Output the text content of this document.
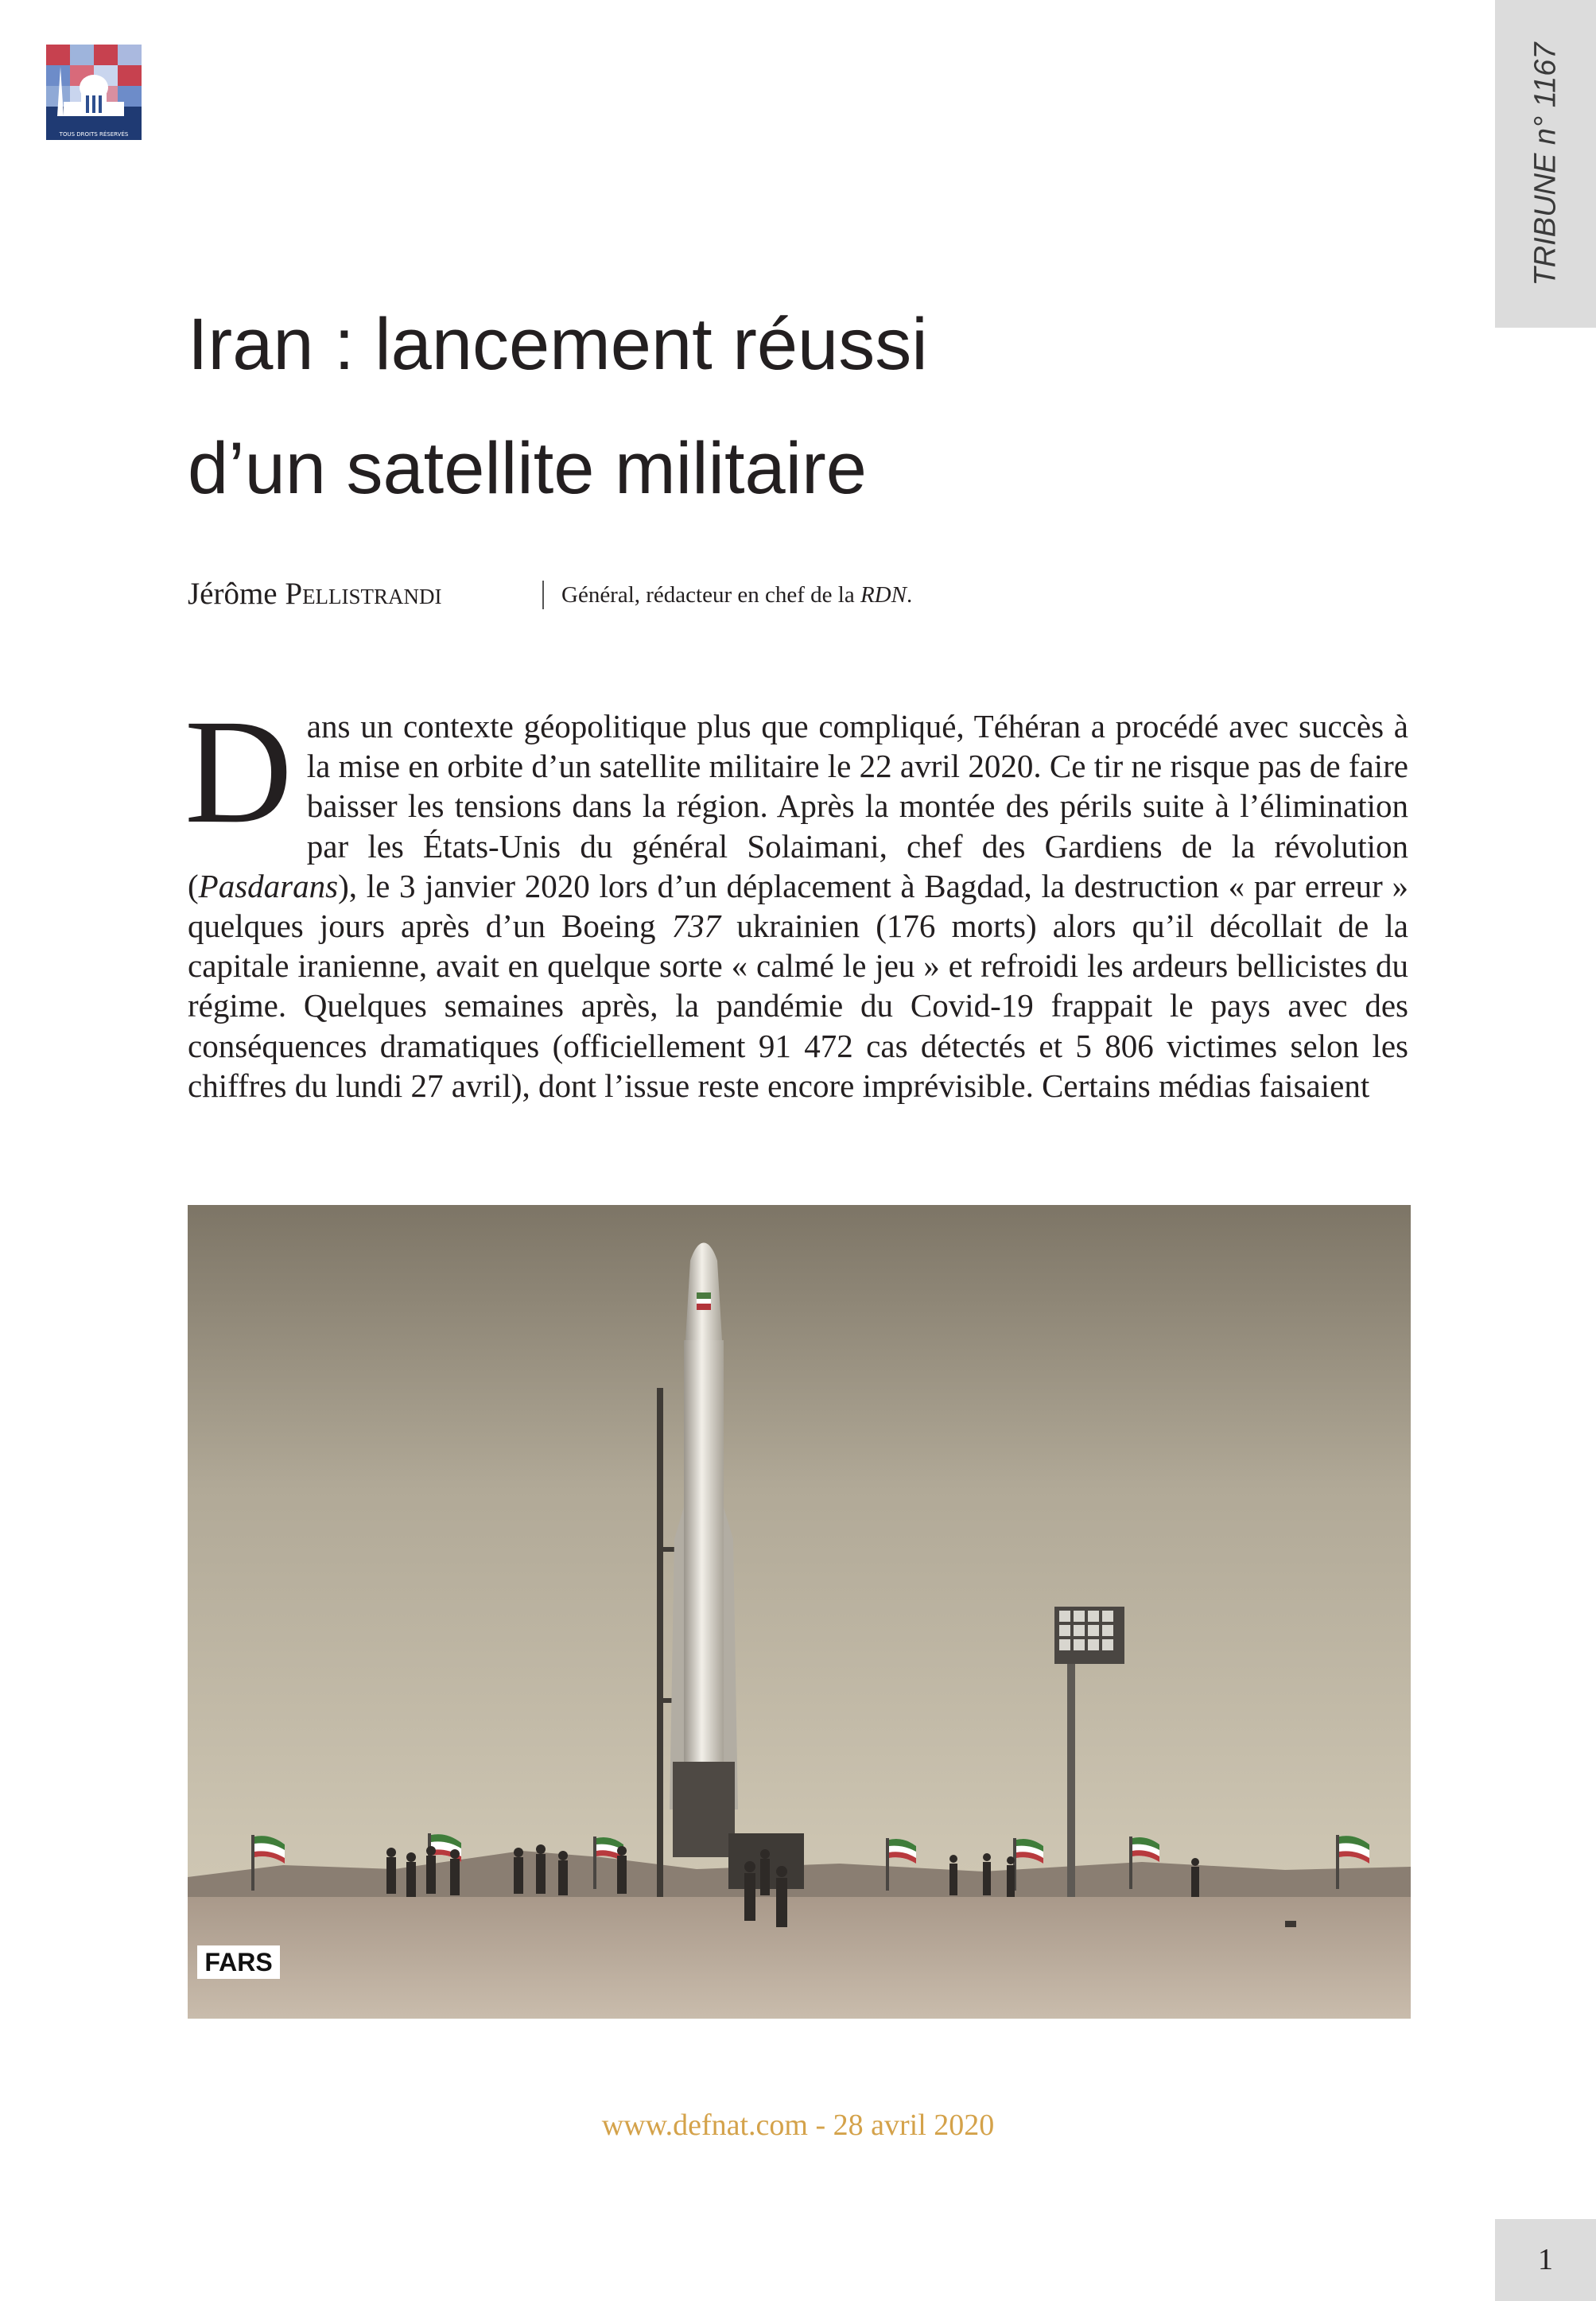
TOUS DROITS RÉSERVÉS	TRIBUNE n° 1167
Iran : lancement réussi
d’un satellite militaire
Jérôme Pellistrandi	Général, rédacteur en chef de la RDN.

Dans un contexte géopolitique plus que compliqué, Téhéran a procédé avec succès à la mise en orbite d’un satellite militaire le 22 avril 2020. Ce tir ne risque pas de faire baisser les tensions dans la région. Après la montée des périls suite à l’élimination par les États-Unis du général Solaimani, chef des Gardiens de la révolution (Pasdarans), le 3 janvier 2020 lors d’un déplacement à Bagdad, la destruction « par erreur » quelques jours après d’un Boeing 737 ukrainien (176 morts) alors qu’il décollait de la capitale iranienne, avait en quelque sorte « calmé le jeu » et refroidi les ardeurs bellicistes du régime. Quelques semaines après, la pandémie du Covid-19 frappait le pays avec des conséquences dramatiques (officiellement 91 472 cas détectés et 5 806 victimes selon les chiffres du lundi 27 avril), dont l’issue reste encore imprévisible. Certains médias faisaient

FARS
www.defnat.com - 28 avril 2020
1
